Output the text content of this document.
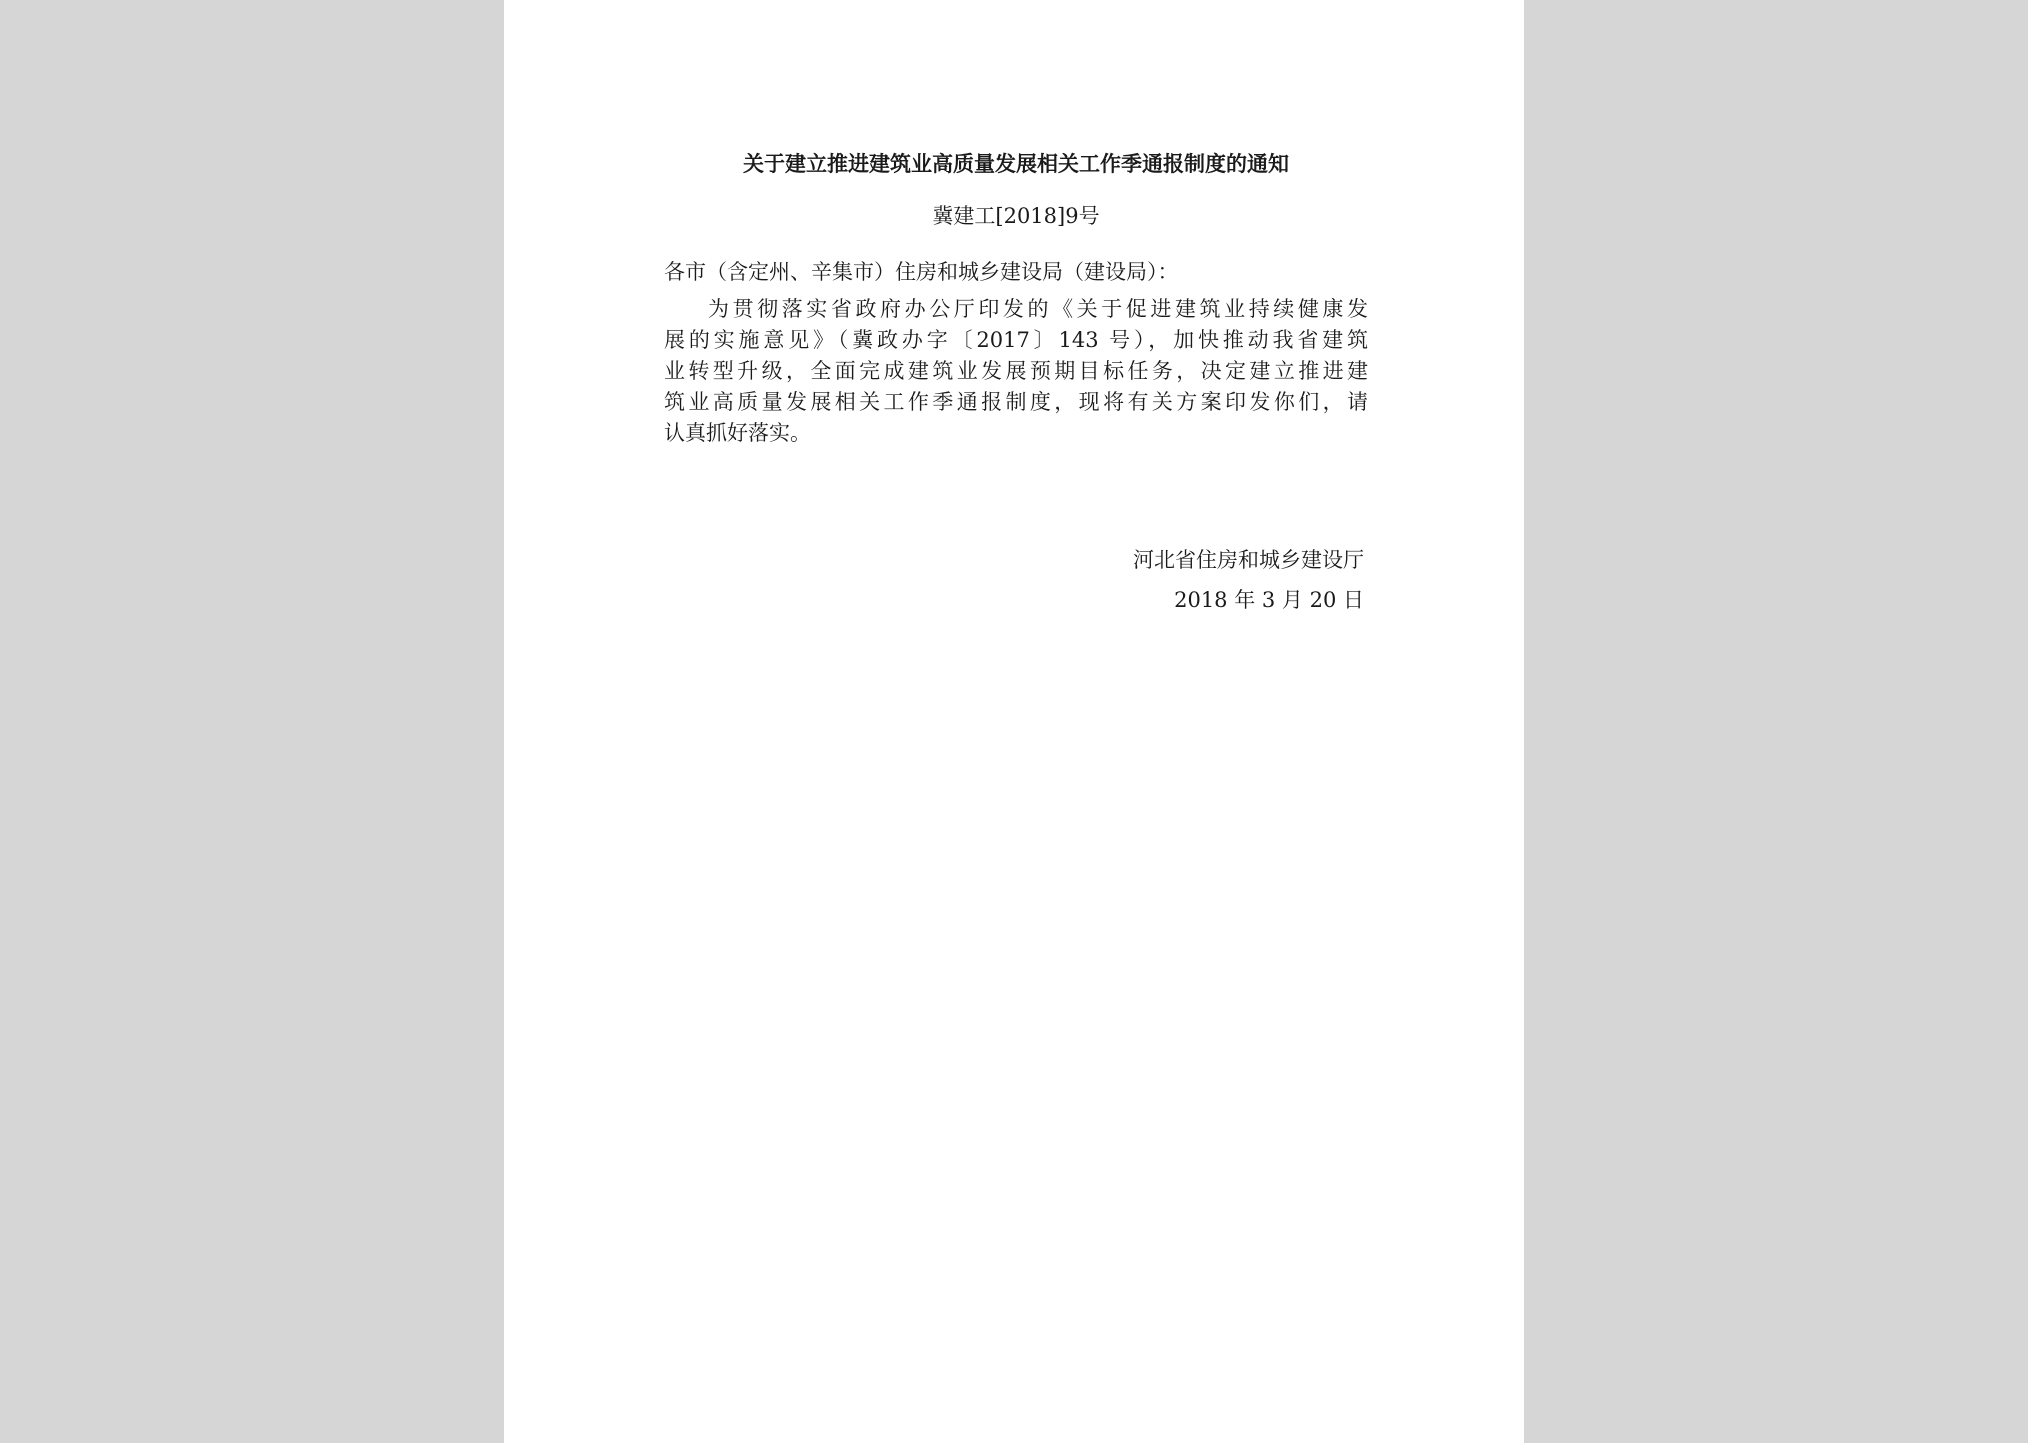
关于建立推进建筑业高质量发展相关工作季通报制度的通知
冀建工[2018]9号
各市（含定州、辛集市）住房和城乡建设局（建设局）：
为贯彻落实省政府办公厅印发的《关于促进建筑业持续健康发
展的实施意见》（冀政办字〔2017〕143 号），加快推动我省建筑
业转型升级，全面完成建筑业发展预期目标任务，决定建立推进建
筑业高质量发展相关工作季通报制度，现将有关方案印发你们，请
认真抓好落实。
河北省住房和城乡建设厅
2018 年 3 月 20 日
